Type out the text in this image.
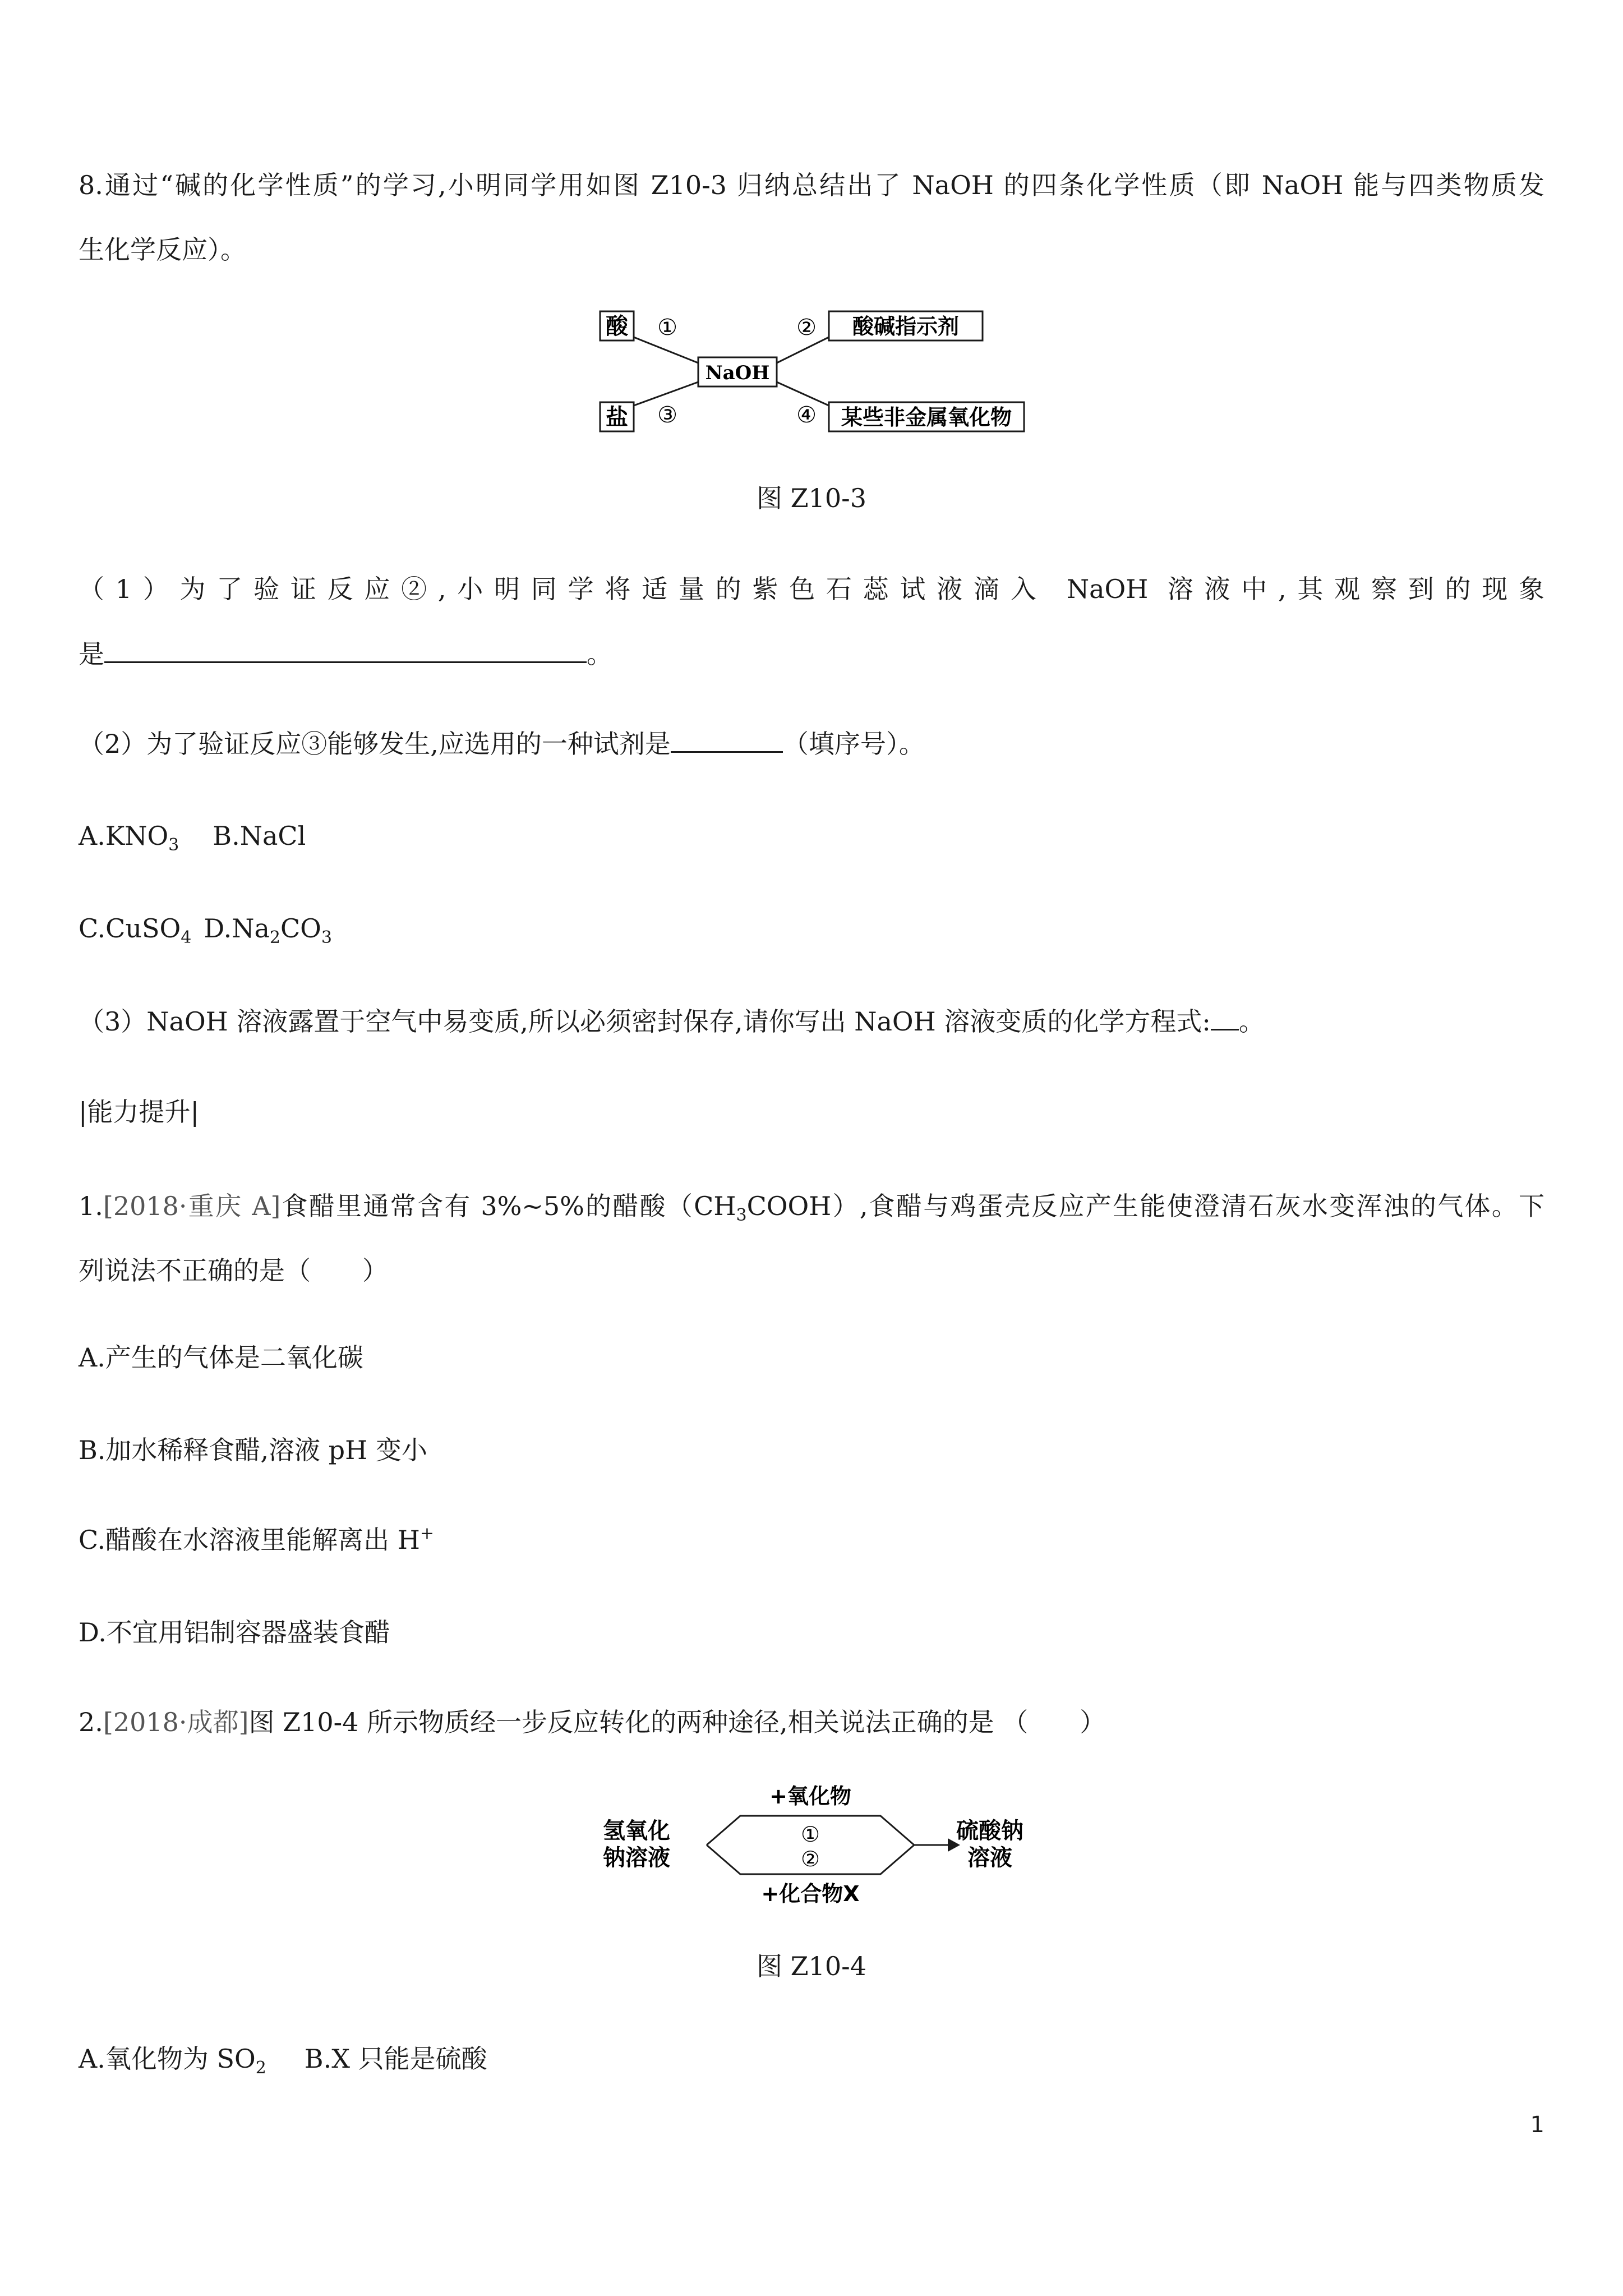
8.通过“碱的化学性质”的学习,小明同学用如图 Z10-3 归纳总结出了 NaOH 的四条化学性质（即 NaOH 能与四类物质发
生化学反应）。
酸	酸碱指示剂
NaOH
盐	某些非金属氧化物
①	②
③	④
图 Z10-3
（1）为了验证反应②,小明同学将适量的紫色石蕊试液滴入 NaOH 溶液中,其观察到的现象
是	。
（2）为了验证反应③能够发生,应选用的一种试剂是	（填序号）。
$A.KNO_3$ B.NaCl
C.CuSO$_4$ $D.Na_2CO_3$
（3）NaOH 溶液露置于空气中易变质,所以必须密封保存,请你写出 NaOH 溶液变质的化学方程式: 。
|能力提升|
1.[2018·重庆 A]食醋里通常含有 3%~5%的醋酸$(CH_3COOH)$,食醋与鸡蛋壳反应产生能使澄清石灰水变浑浊的气体。下
列说法不正确的是（　　）
A.产生的气体是二氧化碳
B.加水稀释食醋,溶液 pH 变小
C.醋酸在水溶液里能解离出 H+
D.不宜用铝制容器盛装食醋
2.[2018·成都]图 Z10-4 所示物质经一步反应转化的两种途径,相关说法正确的是 （　　）
氢氧化
钠溶液
硫酸钠
溶液
+氧化物
①
②
+化合物X
图 Z10-4
A.氧化物为 $SO_2$ B.X 只能是硫酸
1
